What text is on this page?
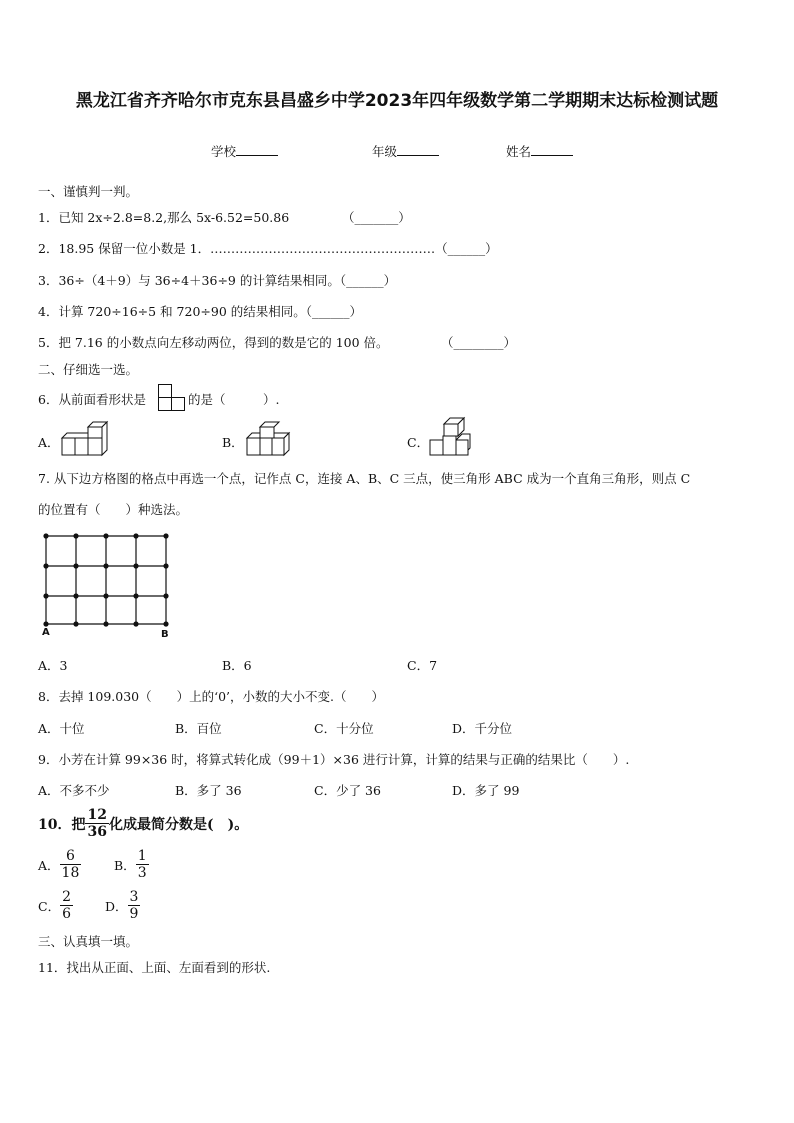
黑龙江省齐齐哈尔市克东县昌盛乡中学2023年四年级数学第二学期期末达标检测试题
学校	年级	姓名
一、谨慎判一判。
1．已知 2x÷2.8=8.2,那么 5x-6.52=50.86	（_______）
2．18.95 保留一位小数是 1．………………………………………………（______）
3．36÷（4＋9）与 36÷4＋36÷9 的计算结果相同。（______）
4．计算 720÷16÷5 和 720÷90 的结果相同。（______）
5．把 7.16 的小数点向左移动两位，得到的数是它的 100 倍。	（________）
二、仔细选一选。
6．从前面看形状是	的是（　　　）.
A．	B．	C．
7. 从下边方格图的格点中再选一个点，记作点 C，连接 A、B、C 三点，使三角形 ABC 成为一个直角三角形，则点 C
的位置有（　　）种选法。
A	B
A．3	B．6	C．7
8．去掉 109.030（　　）上的‘0’，小数的大小不变.（　　）
A．十位	B．百位	C．十分位	D．千分位
9．小芳在计算 99×36 时，将算式转化成（99＋1）×36 进行计算，计算的结果与正确的结果比（　　）.
A．不多不少	B．多了 36	C．少了 36	D．多了 99
10．把 $\frac{12}{36}$ 化成最简分数是(　)。
A． $\frac{6}{18}$	B． $\frac{1}{3}$
C． $\frac{2}{6}$	D． $\frac{3}{9}$
三、认真填一填。
11．找出从正面、上面、左面看到的形状.
